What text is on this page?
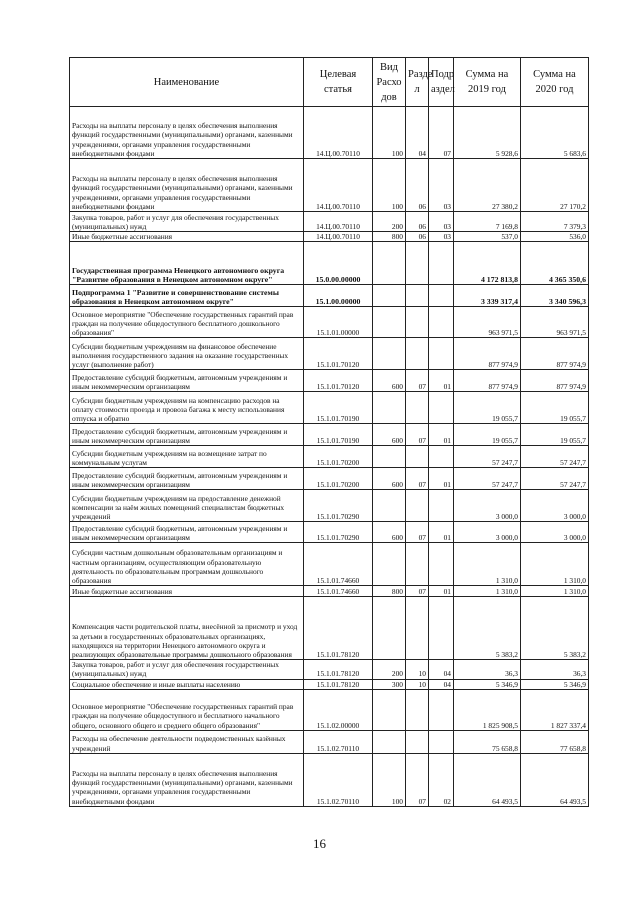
Наименование	Целевая статья	Вид Расхо дов	Разде л	Подр аздел	Сумма на 2019 год	Сумма на 2020 год
Расходы на выплаты персоналу в целях обеспечения выполнения функций государственными (муниципальными) органами, казенными учреждениями, органами управления государственными внебюджетными фондами	14.Ц.00.70110	100	04	07	5 928,6	5 683,6
Расходы на выплаты персоналу в целях обеспечения выполнения функций государственными (муниципальными) органами, казенными учреждениями, органами управления государственными внебюджетными фондами	14.Ц.00.70110	100	06	03	27 380,2	27 170,2
Закупка товаров, работ и услуг для обеспечения государственных (муниципальных) нужд	14.Ц.00.70110	200	06	03	7 169,8	7 379,3
Иные бюджетные ассигнования	14.Ц.00.70110	800	06	03	537,0	536,0
Государственная программа Ненецкого автономного округа "Развитие образования в Ненецком автономном округе"	15.0.00.00000				4 172 813,8	4 365 350,6
Подпрограмма 1 "Развитие и совершенствование системы образования в Ненецком автономном округе"	15.1.00.00000				3 339 317,4	3 340 596,3
Основное мероприятие "Обеспечение государственных гарантий прав граждан на получение общедоступного бесплатного дошкольного образования"	15.1.01.00000				963 971,5	963 971,5
Субсидии бюджетным учреждениям на финансовое обеспечение выполнения государственного задания на оказание государственных услуг (выполнение работ)	15.1.01.70120				877 974,9	877 974,9
Предоставление субсидий бюджетным, автономным учреждениям и иным некоммерческим организациям	15.1.01.70120	600	07	01	877 974,9	877 974,9
Субсидии бюджетным учреждениям на компенсацию расходов на оплату стоимости проезда и провоза багажа к месту использования отпуска и обратно	15.1.01.70190				19 055,7	19 055,7
Предоставление субсидий бюджетным, автономным учреждениям и иным некоммерческим организациям	15.1.01.70190	600	07	01	19 055,7	19 055,7
Субсидии бюджетным учреждениям на возмещение затрат по коммунальным услугам	15.1.01.70200				57 247,7	57 247,7
Предоставление субсидий бюджетным, автономным учреждениям и иным некоммерческим организациям	15.1.01.70200	600	07	01	57 247,7	57 247,7
Субсидии бюджетным учреждениям на предоставление денежной компенсации за наём жилых помещений специалистам бюджетных учреждений	15.1.01.70290				3 000,0	3 000,0
Предоставление субсидий бюджетным, автономным учреждениям и иным некоммерческим организациям	15.1.01.70290	600	07	01	3 000,0	3 000,0
Субсидии частным дошкольным образовательным организациям и частным организациям, осуществляющим образовательную деятельность по образовательным программам дошкольного образования	15.1.01.74660				1 310,0	1 310,0
Иные бюджетные ассигнования	15.1.01.74660	800	07	01	1 310,0	1 310,0
Компенсация части родительской платы, внесённой за присмотр и уход за детьми в государственных образовательных организациях, находящихся на территории Ненецкого автономного округа и реализующих образовательные программы дошкольного образования	15.1.01.78120				5 383,2	5 383,2
Закупка товаров, работ и услуг для обеспечения государственных (муниципальных) нужд	15.1.01.78120	200	10	04	36,3	36,3
Социальное обеспечение и иные выплаты населению	15.1.01.78120	300	10	04	5 346,9	5 346,9
Основное мероприятие "Обеспечение государственных гарантий прав граждан на получение общедоступного и бесплатного начального общего, основного общего и среднего общего образования"	15.1.02.00000				1 825 908,5	1 827 337,4
Расходы на обеспечение деятельности подведомственных казённых учреждений	15.1.02.70110				75 658,8	77 658,8
Расходы на выплаты персоналу в целях обеспечения выполнения функций государственными (муниципальными) органами, казенными учреждениями, органами управления государственными внебюджетными фондами	15.1.02.70110	100	07	02	64 493,5	64 493,5
16
